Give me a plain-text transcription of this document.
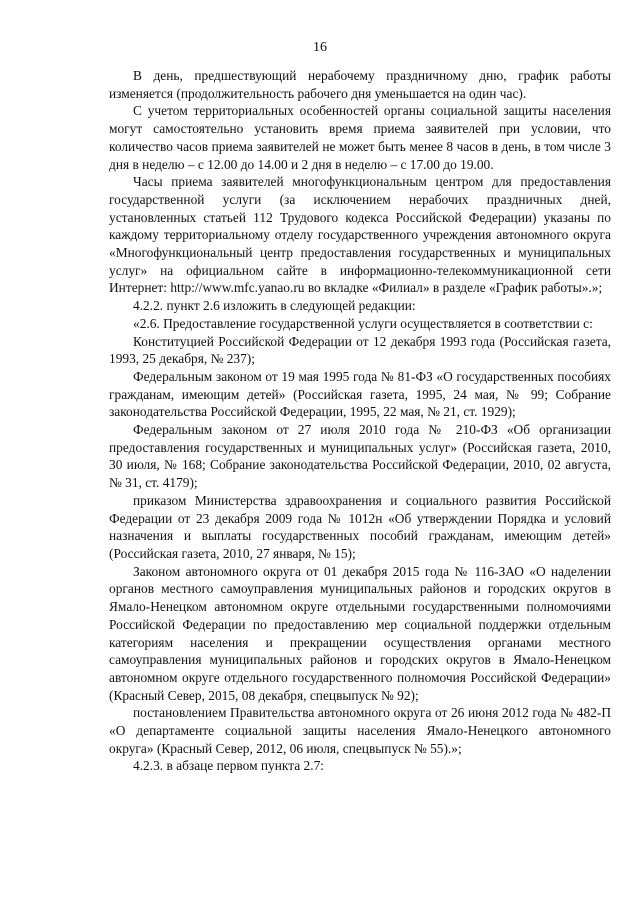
16

В день, предшествующий нерабочему праздничному дню, график работы изменяется (продолжительность рабочего дня уменьшается на один час).

С учетом территориальных особенностей органы социальной защиты населения могут самостоятельно установить время приема заявителей при условии, что количество часов приема заявителей не может быть менее 8 часов в день, в том числе 3 дня в неделю – с 12.00 до 14.00 и 2 дня в неделю – с 17.00 до 19.00.

Часы приема заявителей многофункциональным центром для предоставления государственной услуги (за исключением нерабочих праздничных дней, установленных статьей 112 Трудового кодекса Российской Федерации) указаны по каждому территориальному отделу государственного учреждения автономного округа «Многофункциональный центр предоставления государственных и муниципальных услуг» на официальном сайте в информационно-телекоммуникационной сети Интернет: http://www.mfc.yanao.ru во вкладке «Филиал» в разделе «График работы».»;

4.2.2. пункт 2.6 изложить в следующей редакции:

«2.6. Предоставление государственной услуги осуществляется в соответствии с:

Конституцией Российской Федерации от 12 декабря 1993 года (Российская газета, 1993, 25 декабря, № 237);

Федеральным законом от 19 мая 1995 года № 81-ФЗ «О государственных пособиях гражданам, имеющим детей» (Российская газета, 1995, 24 мая, № 99; Собрание законодательства Российской Федерации, 1995, 22 мая, № 21, ст. 1929);

Федеральным законом от 27 июля 2010 года № 210-ФЗ «Об организации предоставления государственных и муниципальных услуг» (Российская газета, 2010, 30 июля, № 168; Собрание законодательства Российской Федерации, 2010, 02 августа, № 31, ст. 4179);

приказом Министерства здравоохранения и социального развития Российской Федерации от 23 декабря 2009 года № 1012н «Об утверждении Порядка и условий назначения и выплаты государственных пособий гражданам, имеющим детей» (Российская газета, 2010, 27 января, № 15);

Законом автономного округа от 01 декабря 2015 года № 116-ЗАО «О наделении органов местного самоуправления муниципальных районов и городских округов в Ямало-Ненецком автономном округе отдельными государственными полномочиями Российской Федерации по предоставлению мер социальной поддержки отдельным категориям населения и прекращении осуществления органами местного самоуправления муниципальных районов и городских округов в Ямало-Ненецком автономном округе отдельного государственного полномочия Российской Федерации» (Красный Север, 2015, 08 декабря, спецвыпуск № 92);

постановлением Правительства автономного округа от 26 июня 2012 года № 482-П «О департаменте социальной защиты населения Ямало-Ненецкого автономного округа» (Красный Север, 2012, 06 июля, спецвыпуск № 55).»;

4.2.3. в абзаце первом пункта 2.7:
